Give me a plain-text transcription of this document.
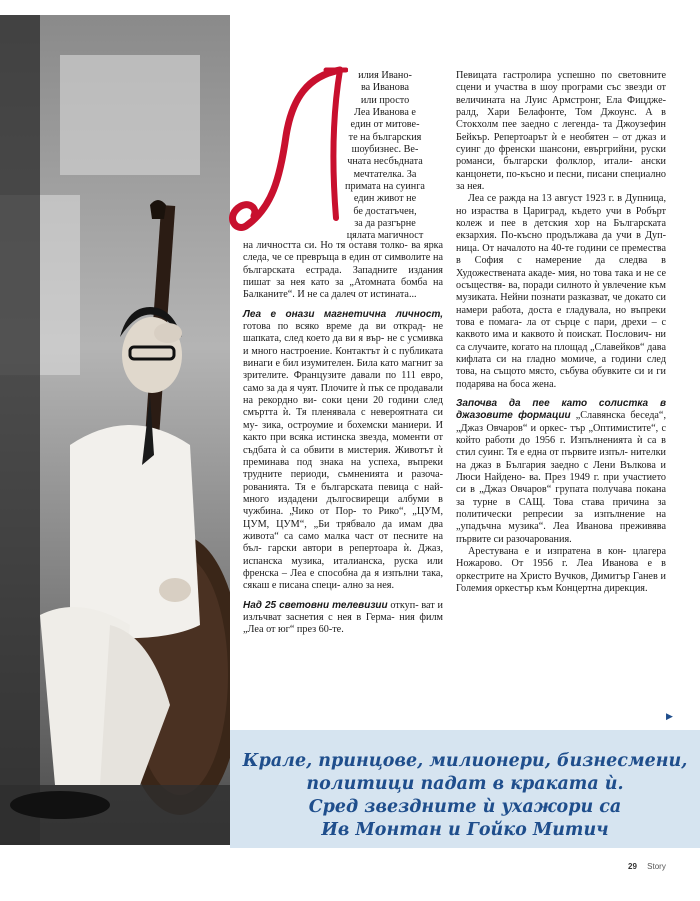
илия Ивано-
ва Иванова
или просто
Леа Иванова е
един от митове-
те на българския
шоубизнес. Ве-
чната несбъдната
мечтателка. За
примата на суинга
един живот не
бе достатъчен,
за да разгърне
цялата магичност

на личността си. Но тя оставя толко- ва ярка следа, че се превръща в един от символите на българската естрада. Западните издания пишат за нея като за „Атомната бомба на Балканите“. И не са далеч от истината...

Леа е онази магнетична личност, готова по всяко време да ви открад- не шапката, след което да ви я вър- не с усмивка и много настроение. Контактът ѝ с публиката винаги е бил изумителен. Била като магнит за зрителите. Французите давали по 111 евро, само за да я чуят. Плочите ѝ пък се продавали на рекордно ви- соки цени 20 години след смъртта ѝ. Тя пленявала с невероятната си му- зика, остроумие и бохемски маниери. И както при всяка истинска звезда, моменти от съдбата ѝ са обвити в мистерия. Животът ѝ преминава под знака на успеха, въпреки трудните периоди, съмненията и разоча- рованията. Тя е българската певица с най-много издадени дългосвирещи албуми в чужбина. „Чико от Пор- то Рико“, „ЦУМ, ЦУМ, ЦУМ“, „Би трябвало да имам два живота“ са само малка част от песните на бъл- гарски автори в репертоара ѝ. Джаз, испанска музика, италианска, руска или френска – Леа е способна да я изпълни така, сякаш е писана специ- ално за нея.

Над 25 световни телевизии откуп- ват и излъчват заснетия с нея в Герма- ния филм „Леа от юг“ през 60-те.

Певицата гастролира успешно по световните сцени и участва в шоу програми със звезди от величината на Луис Армстронг, Ела Фицдже- ралд, Хари Белафонте, Том Джоунс. А в Стокхолм пее заедно с легенда- та Джоузефин Бейкър. Репертоарът ѝ е необятен – от джаз и суинг до френски шансони, евъргрийни, руски романси, български фолклор, итали- ански канцонети, по-късно и песни, писани специално за нея.

Леа се ражда на 13 август 1923 г. в Дупница, но израства в Цариград, където учи в Робърт колеж и пее в детския хор на Българската екзархия. По-късно продължава да учи в Дуп- ница. От началото на 40-те години се премества в София с намерение да следва в Художествената акаде- мия, но това така и не се осъществя- ва, поради силното ѝ увлечение към музиката. Нейни познати разказват, че докато си намери работа, доста е гладувала, но въпреки това е помага- ла от сърце с пари, дрехи – с каквото има и каквото ѝ поискат. Послович- ни са случаите, когато на площад „Славейков“ дава кифлата си на гладно момиче, а години след това, на същото място, събува обувките си и ги подарява на боса жена.

Започва да пее като солистка в джазовите формации „Славянска беседа“, „Джаз Овчаров“ и оркес- тър „Оптимистите“, с който работи до 1956 г. Изпълненията ѝ са в стил суинг. Тя е една от първите изпъл- нителки на джаз в България заедно с Лени Вълкова и Люси Найдено- ва. През 1949 г. при участието си в „Джаз Овчаров“ групата получава покана за турне в САЩ. Това става причина за политически репресии за изпълнение на „упадъчна музика“. Леа Иванова преживява първите си разочарования.

Арестувана е и изпратена в кон- цлагера Ножарово. От 1956 г. Леа Иванова е в оркестрите на Христо Вучков, Димитър Ганев и Големия оркестър към Концертна дирекция.

▶
Крале, принцове, милионери, бизнесмени,
политици падат в краката ѝ.
Сред звездните ѝ ухажори са
Ив Монтан и Гойко Митич
29 Story
